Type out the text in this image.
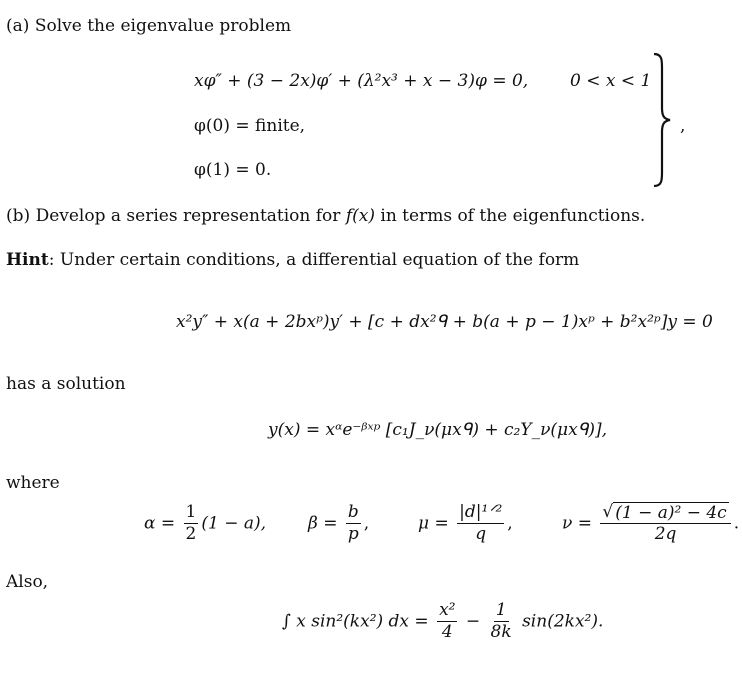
(a) Solve the eigenvalue problem
xφ″ + (3 − 2x)φ′ + (λ²x³ + x − 3)φ = 0, 0 < x < 1
φ(0) = finite,
φ(1) = 0.
,
(b) Develop a series representation for f(x) in terms of the eigenfunctions.
Hint: Under certain conditions, a differential equation of the form
x²y″ + x(a + 2bxᵖ)y′ + [c + dx²ᑫ + b(a + p − 1)xᵖ + b²x²ᵖ]y = 0
has a solution
y(x) = xᵅe⁻ᵝˣᵖ [c₁J_ν(μxᑫ) + c₂Y_ν(μxᑫ)],
where
$\alpha = \frac{1}{2} (1 - a)$, $\beta = \frac{b}{p}$ ,	$\mu = \frac{\text{|d|¹ᐟ²}}{q}$ ,	$\nu = \frac{\text{√ (1 − a)² − 4c}}{2q}$ .
Also,
∫ x sin²(kx²) dx = $\frac{\text{x²}}{4} - \frac{1}{8k} \sin(2kx^2)$.
